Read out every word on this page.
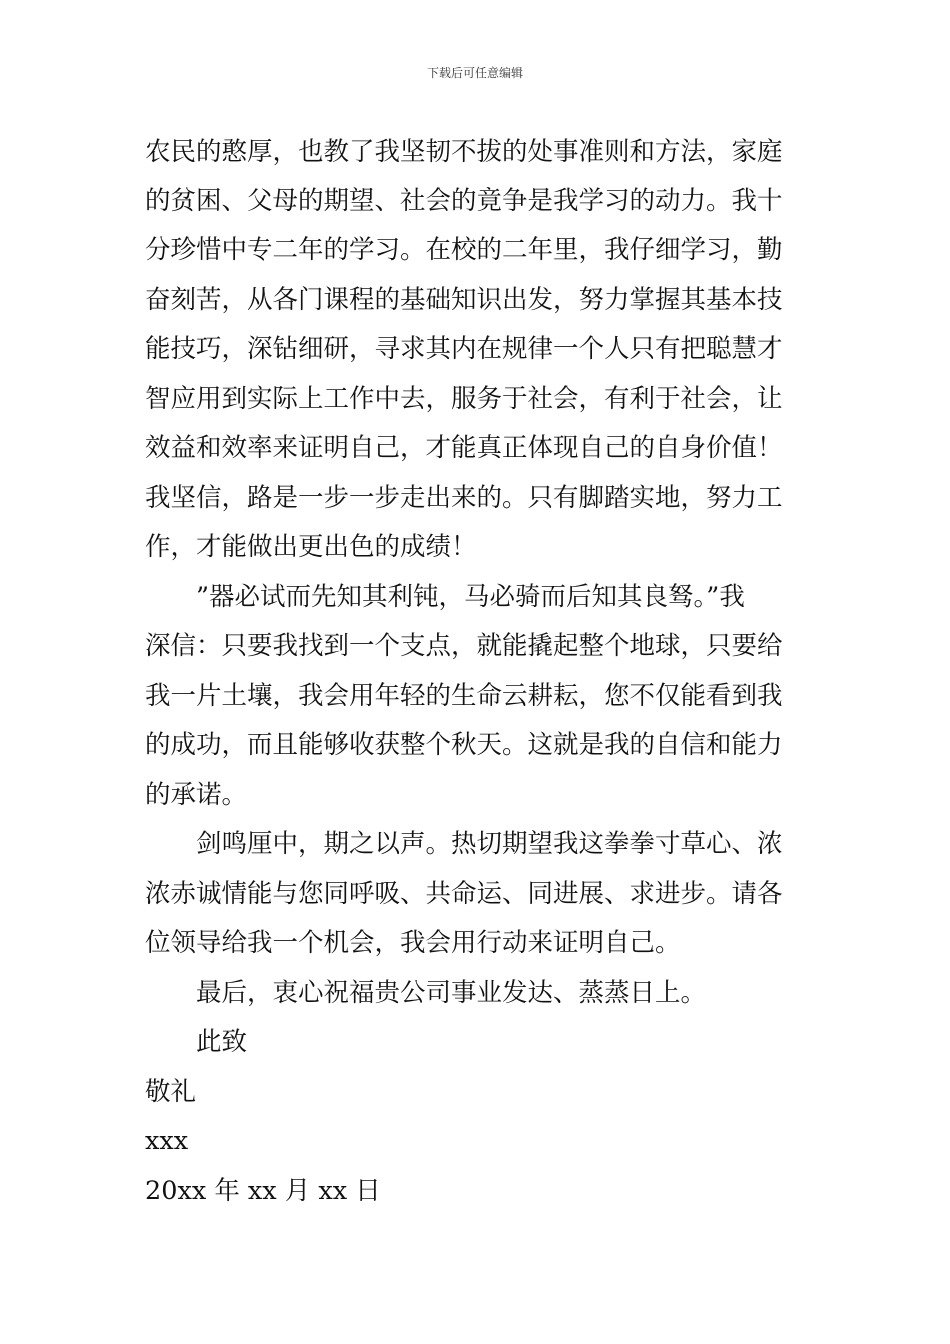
下载后可任意编辑
农民的憨厚，也教了我坚韧不拔的处事准则和方法，家庭
的贫困、父母的期望、社会的竟争是我学习的动力。我十
分珍惜中专二年的学习。在校的二年里，我仔细学习，勤
奋刻苦，从各门课程的基础知识出发，努力掌握其基本技
能技巧，深钻细研，寻求其内在规律一个人只有把聪慧才
智应用到实际上工作中去，服务于社会，有利于社会，让
效益和效率来证明自己，才能真正体现自己的自身价值！
我坚信，路是一步一步走出来的。只有脚踏实地，努力工
作，才能做出更出色的成绩！
”器必试而先知其利钝，马必骑而后知其良驽。”我
深信：只要我找到一个支点，就能撬起整个地球，只要给
我一片土壤，我会用年轻的生命云耕耘，您不仅能看到我
的成功，而且能够收获整个秋天。这就是我的自信和能力
的承诺。
剑鸣厘中，期之以声。热切期望我这拳拳寸草心、浓
浓赤诚情能与您同呼吸、共命运、同进展、求进步。请各
位领导给我一个机会，我会用行动来证明自己。
最后，衷心祝福贵公司事业发达、蒸蒸日上。
此致
敬礼
xxx
20xx 年 xx 月 xx 日
